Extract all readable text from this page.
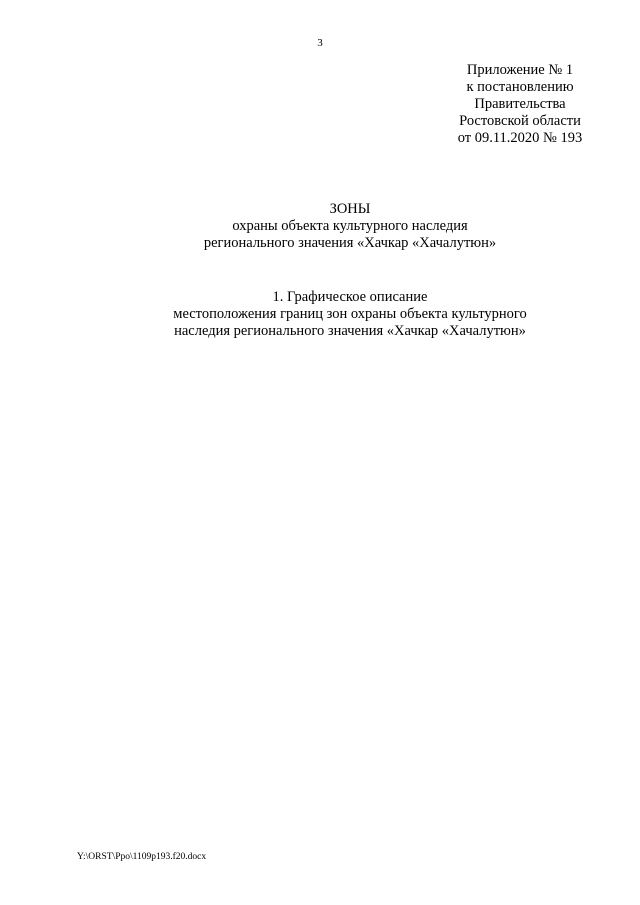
3
Приложение № 1
к постановлению
Правительства
Ростовской области
от 09.11.2020 № 193
ЗОНЫ
охраны объекта культурного наследия
регионального значения «Хачкар «Хачалутюн»
1. Графическое описание
местоположения границ зон охраны объекта культурного
наследия регионального значения «Хачкар «Хачалутюн»
Y:\ORST\Ppo\1109p193.f20.docx
